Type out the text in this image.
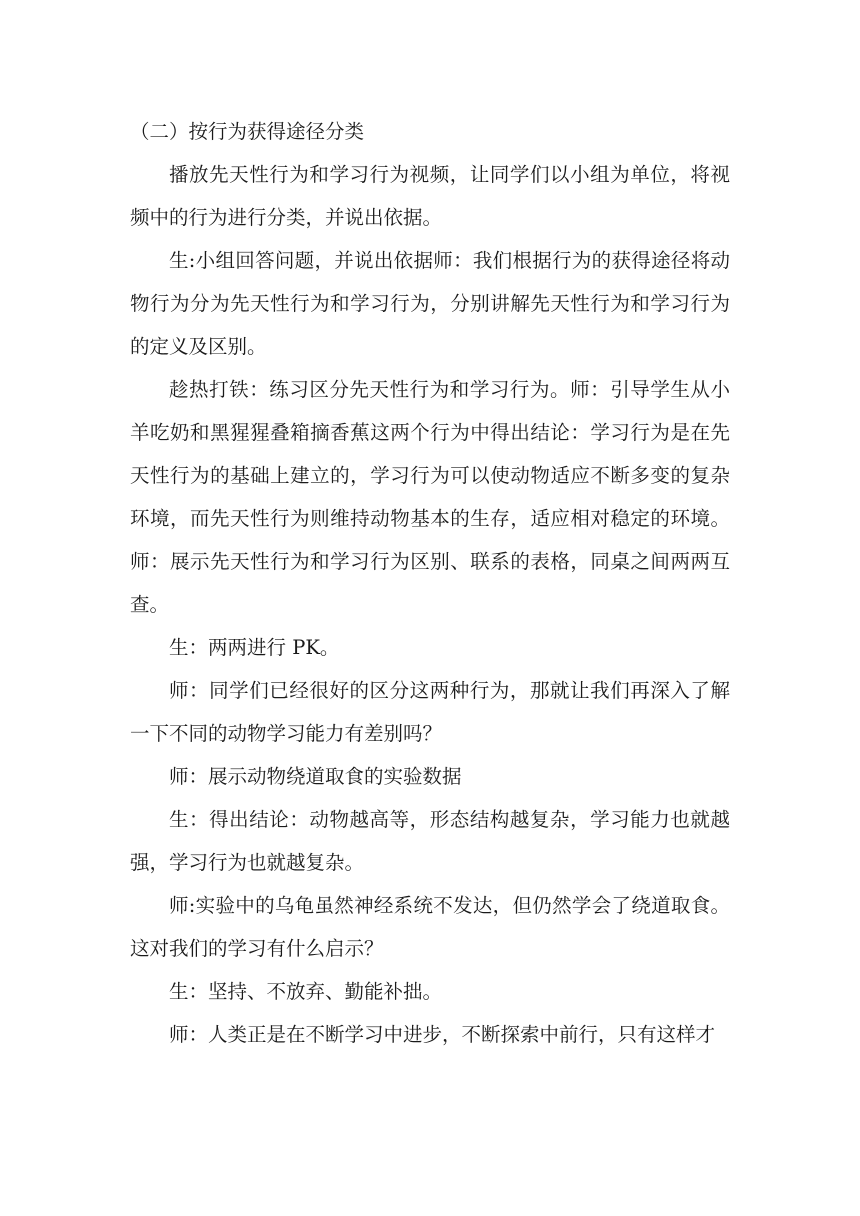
（二）按行为获得途径分类

播放先天性行为和学习行为视频，让同学们以小组为单位，将视频中的行为进行分类，并说出依据。

生:小组回答问题，并说出依据师：我们根据行为的获得途径将动物行为分为先天性行为和学习行为，分别讲解先天性行为和学习行为的定义及区别。

趁热打铁：练习区分先天性行为和学习行为。师：引导学生从小羊吃奶和黑猩猩叠箱摘香蕉这两个行为中得出结论：学习行为是在先天性行为的基础上建立的，学习行为可以使动物适应不断多变的复杂环境，而先天性行为则维持动物基本的生存，适应相对稳定的环境。师：展示先天性行为和学习行为区别、联系的表格，同桌之间两两互查。

生：两两进行 PK。

师：同学们已经很好的区分这两种行为，那就让我们再深入了解一下不同的动物学习能力有差别吗？

师：展示动物绕道取食的实验数据

生：得出结论：动物越高等，形态结构越复杂，学习能力也就越强，学习行为也就越复杂。

师:实验中的乌龟虽然神经系统不发达，但仍然学会了绕道取食。这对我们的学习有什么启示？

生：坚持、不放弃、勤能补拙。

师：人类正是在不断学习中进步，不断探索中前行，只有这样才
